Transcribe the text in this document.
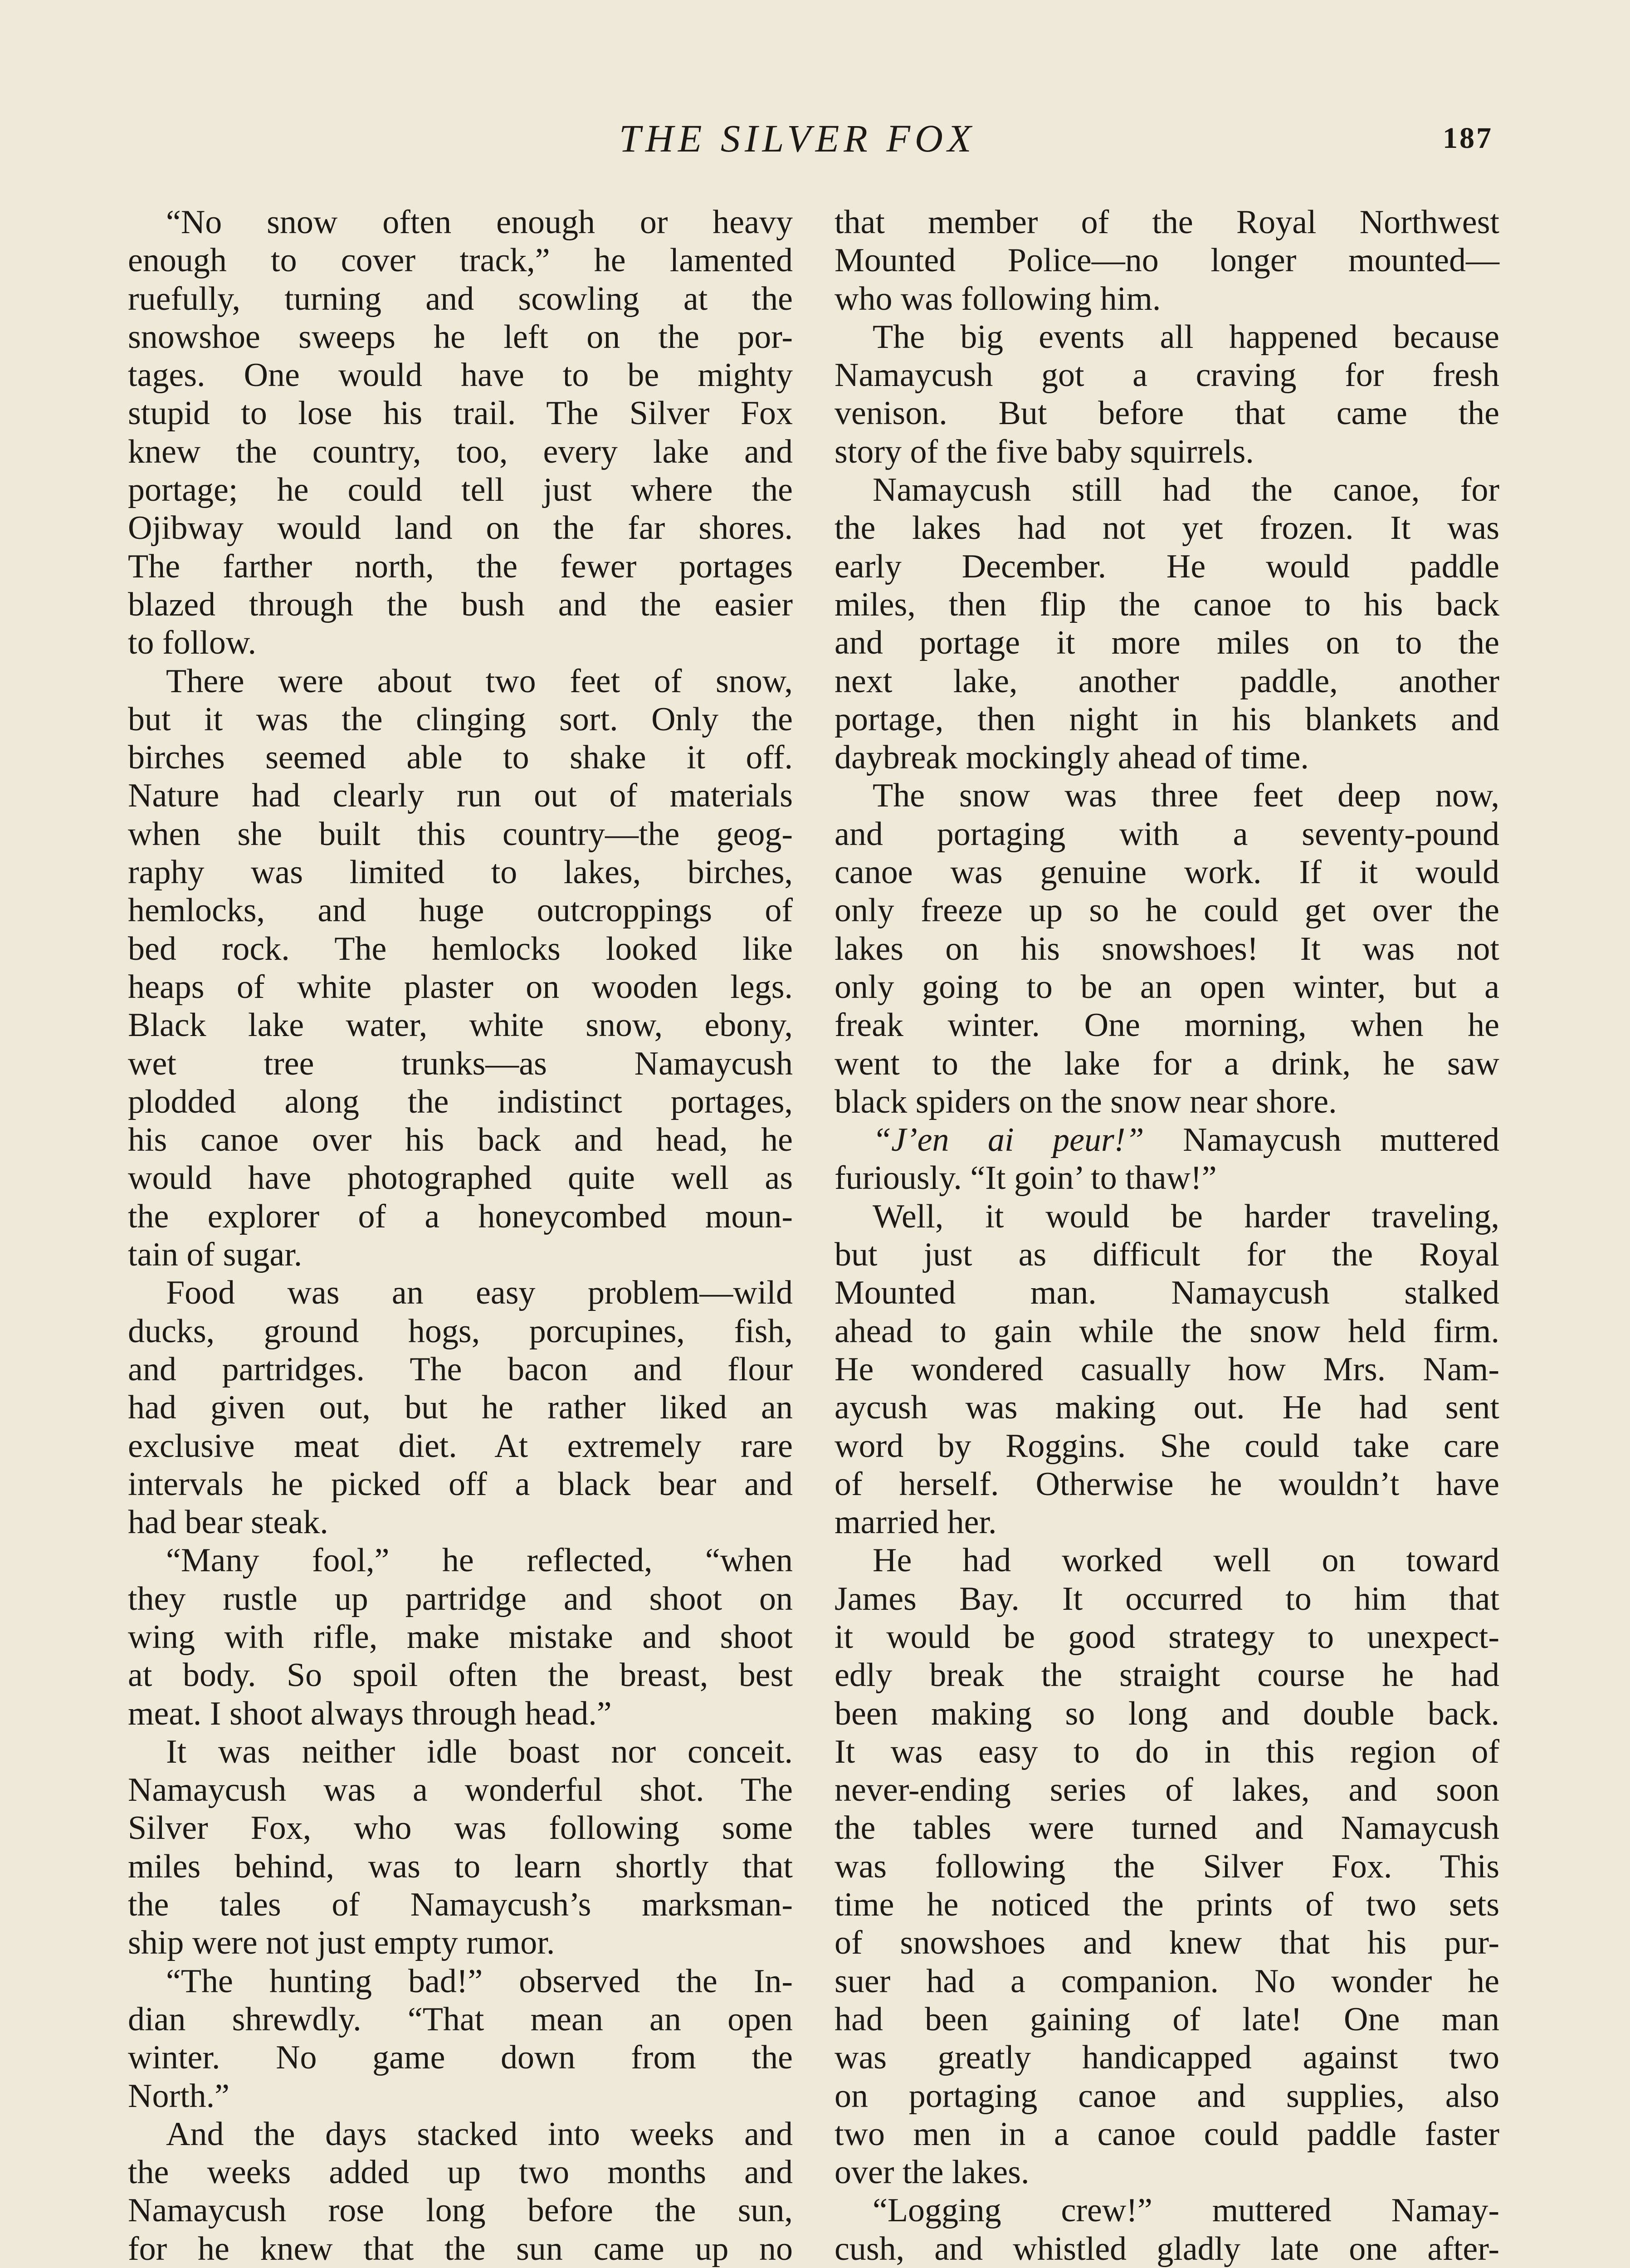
THE SILVER FOX	187
“No snow often enough or heavy
enough to cover track,” he lamented
ruefully, turning and scowling at the
snowshoe sweeps he left on the por-
tages. One would have to be mighty
stupid to lose his trail. The Silver Fox
knew the country, too, every lake and
portage; he could tell just where the
Ojibway would land on the far shores.
The farther north, the fewer portages
blazed through the bush and the easier
to follow.
There were about two feet of snow,
but it was the clinging sort. Only the
birches seemed able to shake it off.
Nature had clearly run out of materials
when she built this country—the geog-
raphy was limited to lakes, birches,
hemlocks, and huge outcroppings of
bed rock. The hemlocks looked like
heaps of white plaster on wooden legs.
Black lake water, white snow, ebony,
wet tree trunks—as Namaycush
plodded along the indistinct portages,
his canoe over his back and head, he
would have photographed quite well as
the explorer of a honeycombed moun-
tain of sugar.
Food was an easy problem—wild
ducks, ground hogs, porcupines, fish,
and partridges. The bacon and flour
had given out, but he rather liked an
exclusive meat diet. At extremely rare
intervals he picked off a black bear and
had bear steak.
“Many fool,” he reflected, “when
they rustle up partridge and shoot on
wing with rifle, make mistake and shoot
at body. So spoil often the breast, best
meat. I shoot always through head.”
It was neither idle boast nor conceit.
Namaycush was a wonderful shot. The
Silver Fox, who was following some
miles behind, was to learn shortly that
the tales of Namaycush’s marksman-
ship were not just empty rumor.
“The hunting bad!” observed the In-
dian shrewdly. “That mean an open
winter. No game down from the
North.”
And the days stacked into weeks and
the weeks added up two months and
Namaycush rose long before the sun,
for he knew that the sun came up no
that member of the Royal Northwest
Mounted Police—no longer mounted—
who was following him.
The big events all happened because
Namaycush got a craving for fresh
venison. But before that came the
story of the five baby squirrels.
Namaycush still had the canoe, for
the lakes had not yet frozen. It was
early December. He would paddle
miles, then flip the canoe to his back
and portage it more miles on to the
next lake, another paddle, another
portage, then night in his blankets and
daybreak mockingly ahead of time.
The snow was three feet deep now,
and portaging with a seventy-pound
canoe was genuine work. If it would
only freeze up so he could get over the
lakes on his snowshoes! It was not
only going to be an open winter, but a
freak winter. One morning, when he
went to the lake for a drink, he saw
black spiders on the snow near shore.
“J’en ai peur!” Namaycush muttered
furiously. “It goin’ to thaw!”
Well, it would be harder traveling,
but just as difficult for the Royal
Mounted man. Namaycush stalked
ahead to gain while the snow held firm.
He wondered casually how Mrs. Nam-
aycush was making out. He had sent
word by Roggins. She could take care
of herself. Otherwise he wouldn’t have
married her.
He had worked well on toward
James Bay. It occurred to him that
it would be good strategy to unexpect-
edly break the straight course he had
been making so long and double back.
It was easy to do in this region of
never-ending series of lakes, and soon
the tables were turned and Namaycush
was following the Silver Fox. This
time he noticed the prints of two sets
of snowshoes and knew that his pur-
suer had a companion. No wonder he
had been gaining of late! One man
was greatly handicapped against two
on portaging canoe and supplies, also
two men in a canoe could paddle faster
over the lakes.
“Logging crew!” muttered Namay-
cush, and whistled gladly late one after-
